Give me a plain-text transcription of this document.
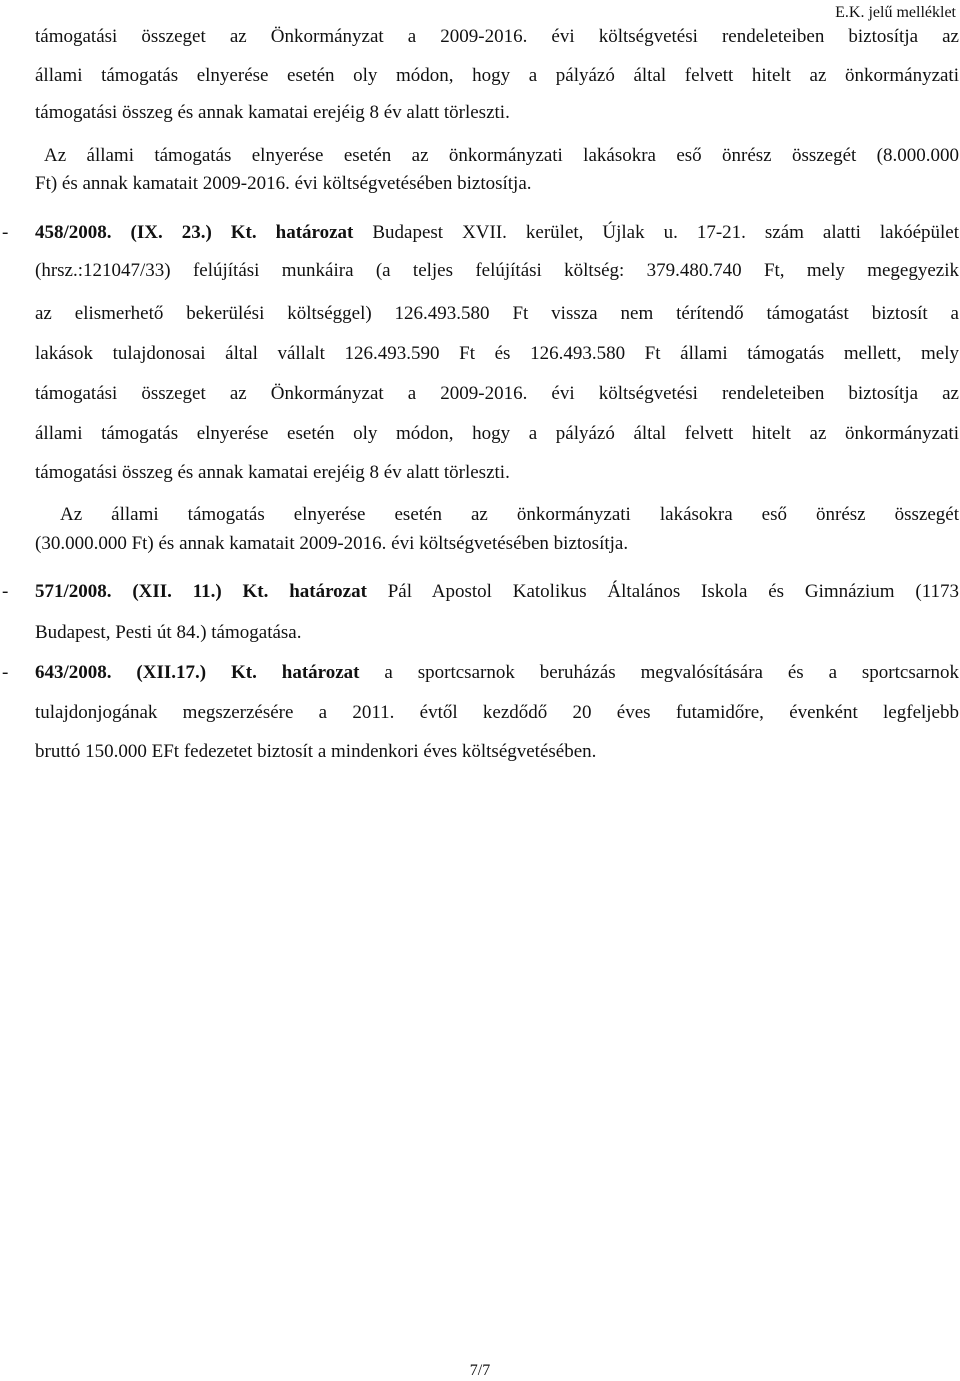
E.K. jelű melléklet
támogatási összeget az Önkormányzat a 2009-2016. évi költségvetési rendeleteiben biztosítja az
állami támogatás elnyerése esetén oly módon, hogy a pályázó által felvett hitelt az önkormányzati
támogatási összeg és annak kamatai erejéig 8 év alatt törleszti.
Az állami támogatás elnyerése esetén az önkormányzati lakásokra eső önrész összegét (8.000.000
Ft) és annak kamatait 2009-2016. évi költségvetésében biztosítja.
- 458/2008. (IX. 23.) Kt. határozat Budapest XVII. kerület, Újlak u. 17-21. szám alatti lakóépület
(hrsz.:121047/33) felújítási munkáira (a teljes felújítási költség: 379.480.740 Ft, mely megegyezik
az elismerhető bekerülési költséggel) 126.493.580 Ft vissza nem térítendő támogatást biztosít a
lakások tulajdonosai által vállalt 126.493.590 Ft és 126.493.580 Ft állami támogatás mellett, mely
támogatási összeget az Önkormányzat a 2009-2016. évi költségvetési rendeleteiben biztosítja az
állami támogatás elnyerése esetén oly módon, hogy a pályázó által felvett hitelt az önkormányzati
támogatási összeg és annak kamatai erejéig 8 év alatt törleszti.
Az állami támogatás elnyerése esetén az önkormányzati lakásokra eső önrész összegét
(30.000.000 Ft) és annak kamatait 2009-2016. évi költségvetésében biztosítja.
- 571/2008. (XII. 11.) Kt. határozat Pál Apostol Katolikus Általános Iskola és Gimnázium (1173
Budapest, Pesti út 84.) támogatása.
- 643/2008. (XII.17.) Kt. határozat a sportcsarnok beruházás megvalósítására és a sportcsarnok
tulajdonjogának megszerzésére a 2011. évtől kezdődő 20 éves futamidőre, évenként legfeljebb
bruttó 150.000 EFt fedezetet biztosít a mindenkori éves költségvetésében.
7/7
